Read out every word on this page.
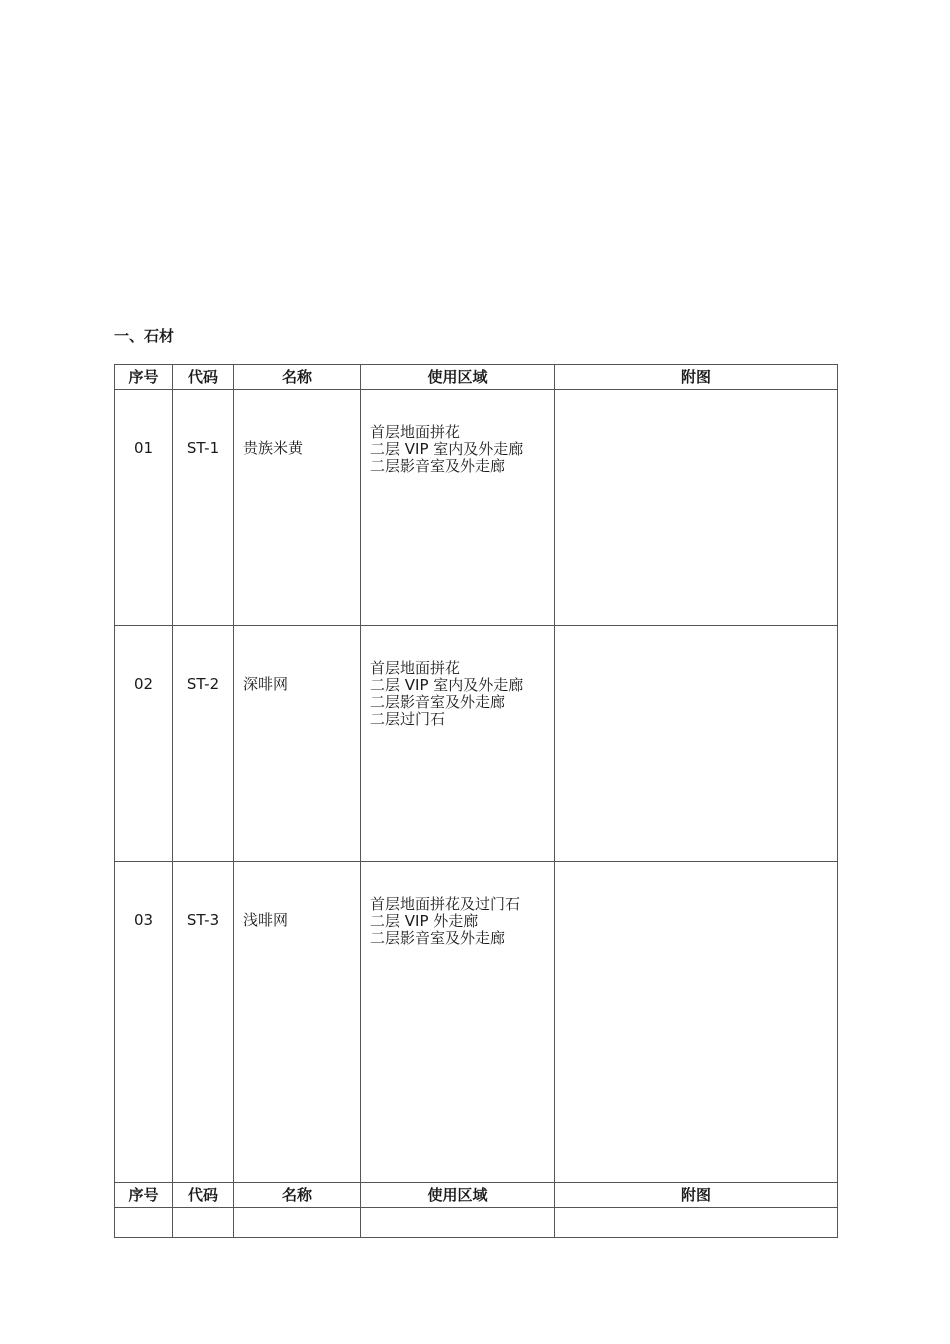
一、石材
序号	代码	名称	使用区域	附图
01	ST-1	贵族米黄	首层地面拼花
二层 VIP 室内及外走廊
二层影音室及外走廊	

02	ST-2	深啡网	首层地面拼花
二层 VIP 室内及外走廊
二层影音室及外走廊
二层过门石	

03	ST-3	浅啡网	首层地面拼花及过门石
二层 VIP 外走廊
二层影音室及外走廊	

序号	代码	名称	使用区域	附图
